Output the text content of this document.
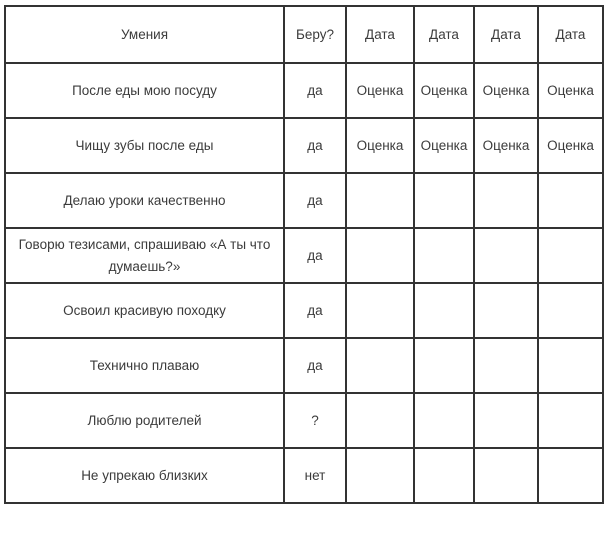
Умения	Беру?	Дата	Дата	Дата	Дата
После еды мою посуду	да	Оценка	Оценка	Оценка	Оценка
Чищу зубы после еды	да	Оценка	Оценка	Оценка	Оценка
Делаю уроки качественно	да				
Говорю тезисами, спрашиваю «А ты что думаешь?»	да				
Освоил красивую походку	да				
Технично плаваю	да				
Люблю родителей	?				
Не упрекаю близких	нет				
